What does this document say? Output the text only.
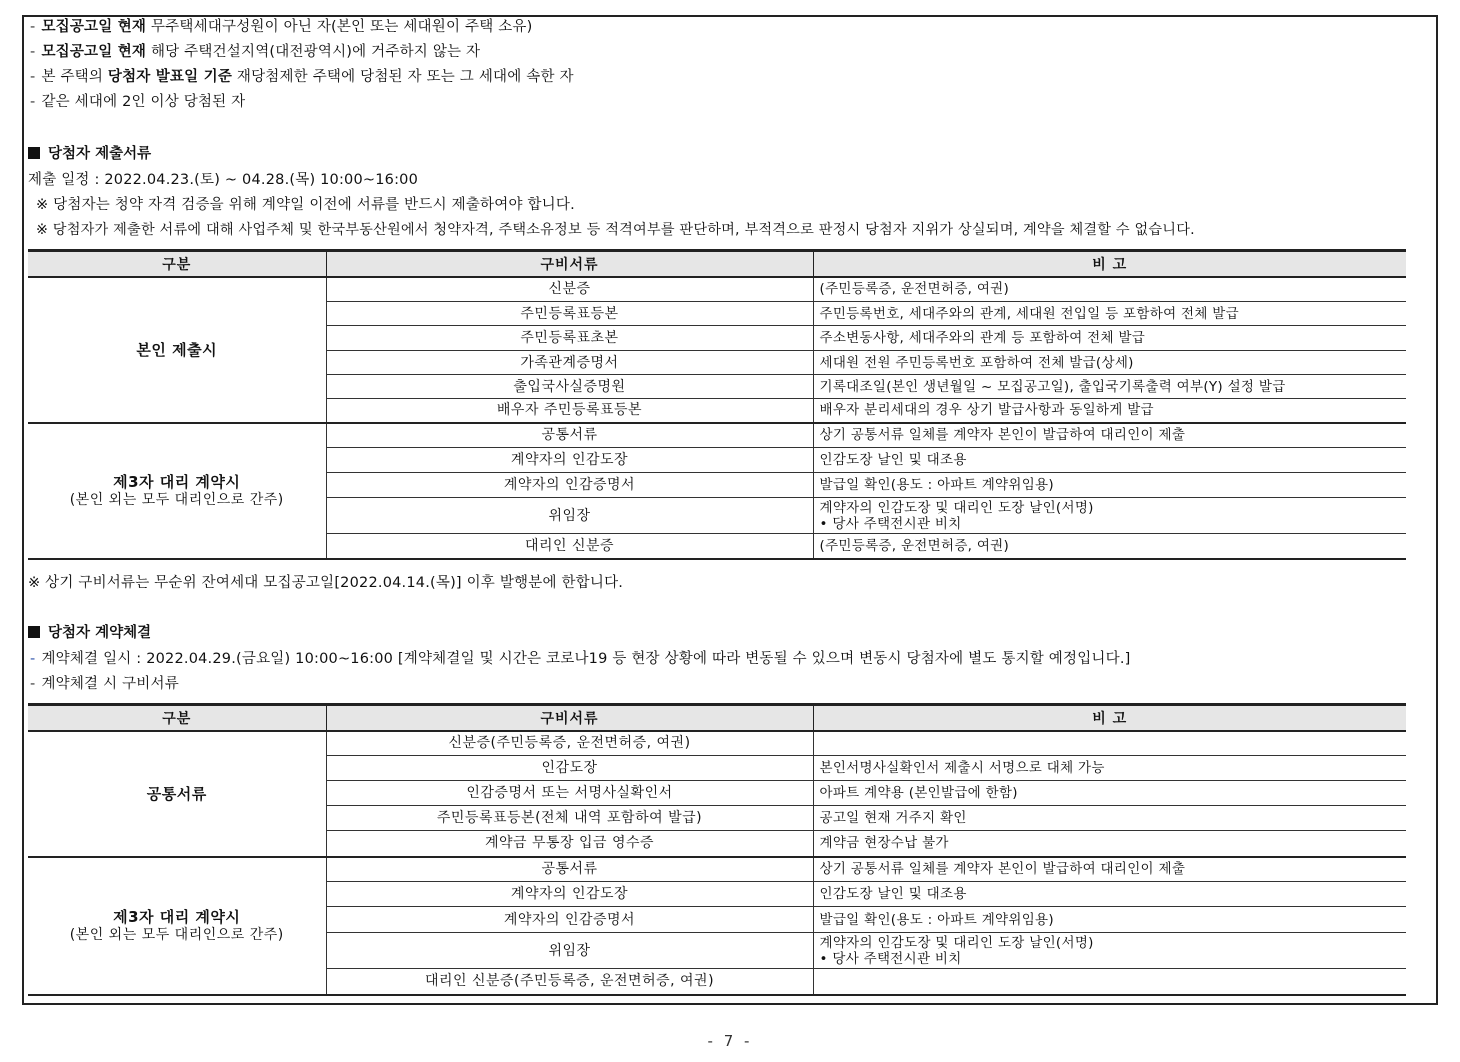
- 모집공고일 현재 무주택세대구성원이 아닌 자(본인 또는 세대원이 주택 소유)
- 모집공고일 현재 해당 주택건설지역(대전광역시)에 거주하지 않는 자
- 본 주택의 당첨자 발표일 기준 재당첨제한 주택에 당첨된 자 또는 그 세대에 속한 자
- 같은 세대에 2인 이상 당첨된 자
당첨자 제출서류
제출 일정 : 2022.04.23.(토) ~ 04.28.(목) 10:00~16:00
※ 당첨자는 청약 자격 검증을 위해 계약일 이전에 서류를 반드시 제출하여야 합니다.
※ 당첨자가 제출한 서류에 대해 사업주체 및 한국부동산원에서 청약자격, 주택소유정보 등 적격여부를 판단하며, 부적격으로 판정시 당첨자 지위가 상실되며, 계약을 체결할 수 없습니다.
구분	구비서류	비 고

본인 제출시	신분증	(주민등록증, 운전면허증, 여권)

	주민등록표등본	주민등록번호, 세대주와의 관계, 세대원 전입일 등 포함하여 전체 발급

	주민등록표초본	주소변동사항, 세대주와의 관계 등 포함하여 전체 발급

	가족관계증명서	세대원 전원 주민등록번호 포함하여 전체 발급(상세)

	출입국사실증명원	기록대조일(본인 생년월일 ~ 모집공고일), 출입국기록출력 여부(Y) 설정 발급

	배우자 주민등록표등본	배우자 분리세대의 경우 상기 발급사항과 동일하게 발급

제3자 대리 계약시
(본인 외는 모두 대리인으로 간주)	공통서류	상기 공통서류 일체를 계약자 본인이 발급하여 대리인이 제출

	계약자의 인감도장	인감도장 날인 및 대조용

	계약자의 인감증명서	발급일 확인(용도 : 아파트 계약위임용)

	위임장	계약자의 인감도장 및 대리인 도장 날인(서명)
• 당사 주택전시관 비치

	대리인 신분증	(주민등록증, 운전면허증, 여권)
※ 상기 구비서류는 무순위 잔여세대 모집공고일[2022.04.14.(목)] 이후 발행분에 한합니다.
당첨자 계약체결
- 계약체결 일시 : 2022.04.29.(금요일) 10:00~16:00 [계약체결일 및 시간은 코로나19 등 현장 상황에 따라 변동될 수 있으며 변동시 당첨자에 별도 통지할 예정입니다.]
- 계약체결 시 구비서류
구분	구비서류	비 고

공통서류	신분증(주민등록증, 운전면허증, 여권)	

	인감도장	본인서명사실확인서 제출시 서명으로 대체 가능

	인감증명서 또는 서명사실확인서	아파트 계약용 (본인발급에 한함)

	주민등록표등본(전체 내역 포함하여 발급)	공고일 현재 거주지 확인

	계약금 무통장 입금 영수증	계약금 현장수납 불가

제3자 대리 계약시
(본인 외는 모두 대리인으로 간주)	공통서류	상기 공통서류 일체를 계약자 본인이 발급하여 대리인이 제출

	계약자의 인감도장	인감도장 날인 및 대조용

	계약자의 인감증명서	발급일 확인(용도 : 아파트 계약위임용)

	위임장	계약자의 인감도장 및 대리인 도장 날인(서명)
• 당사 주택전시관 비치

	대리인 신분증(주민등록증, 운전면허증, 여권)	
- 7 -
